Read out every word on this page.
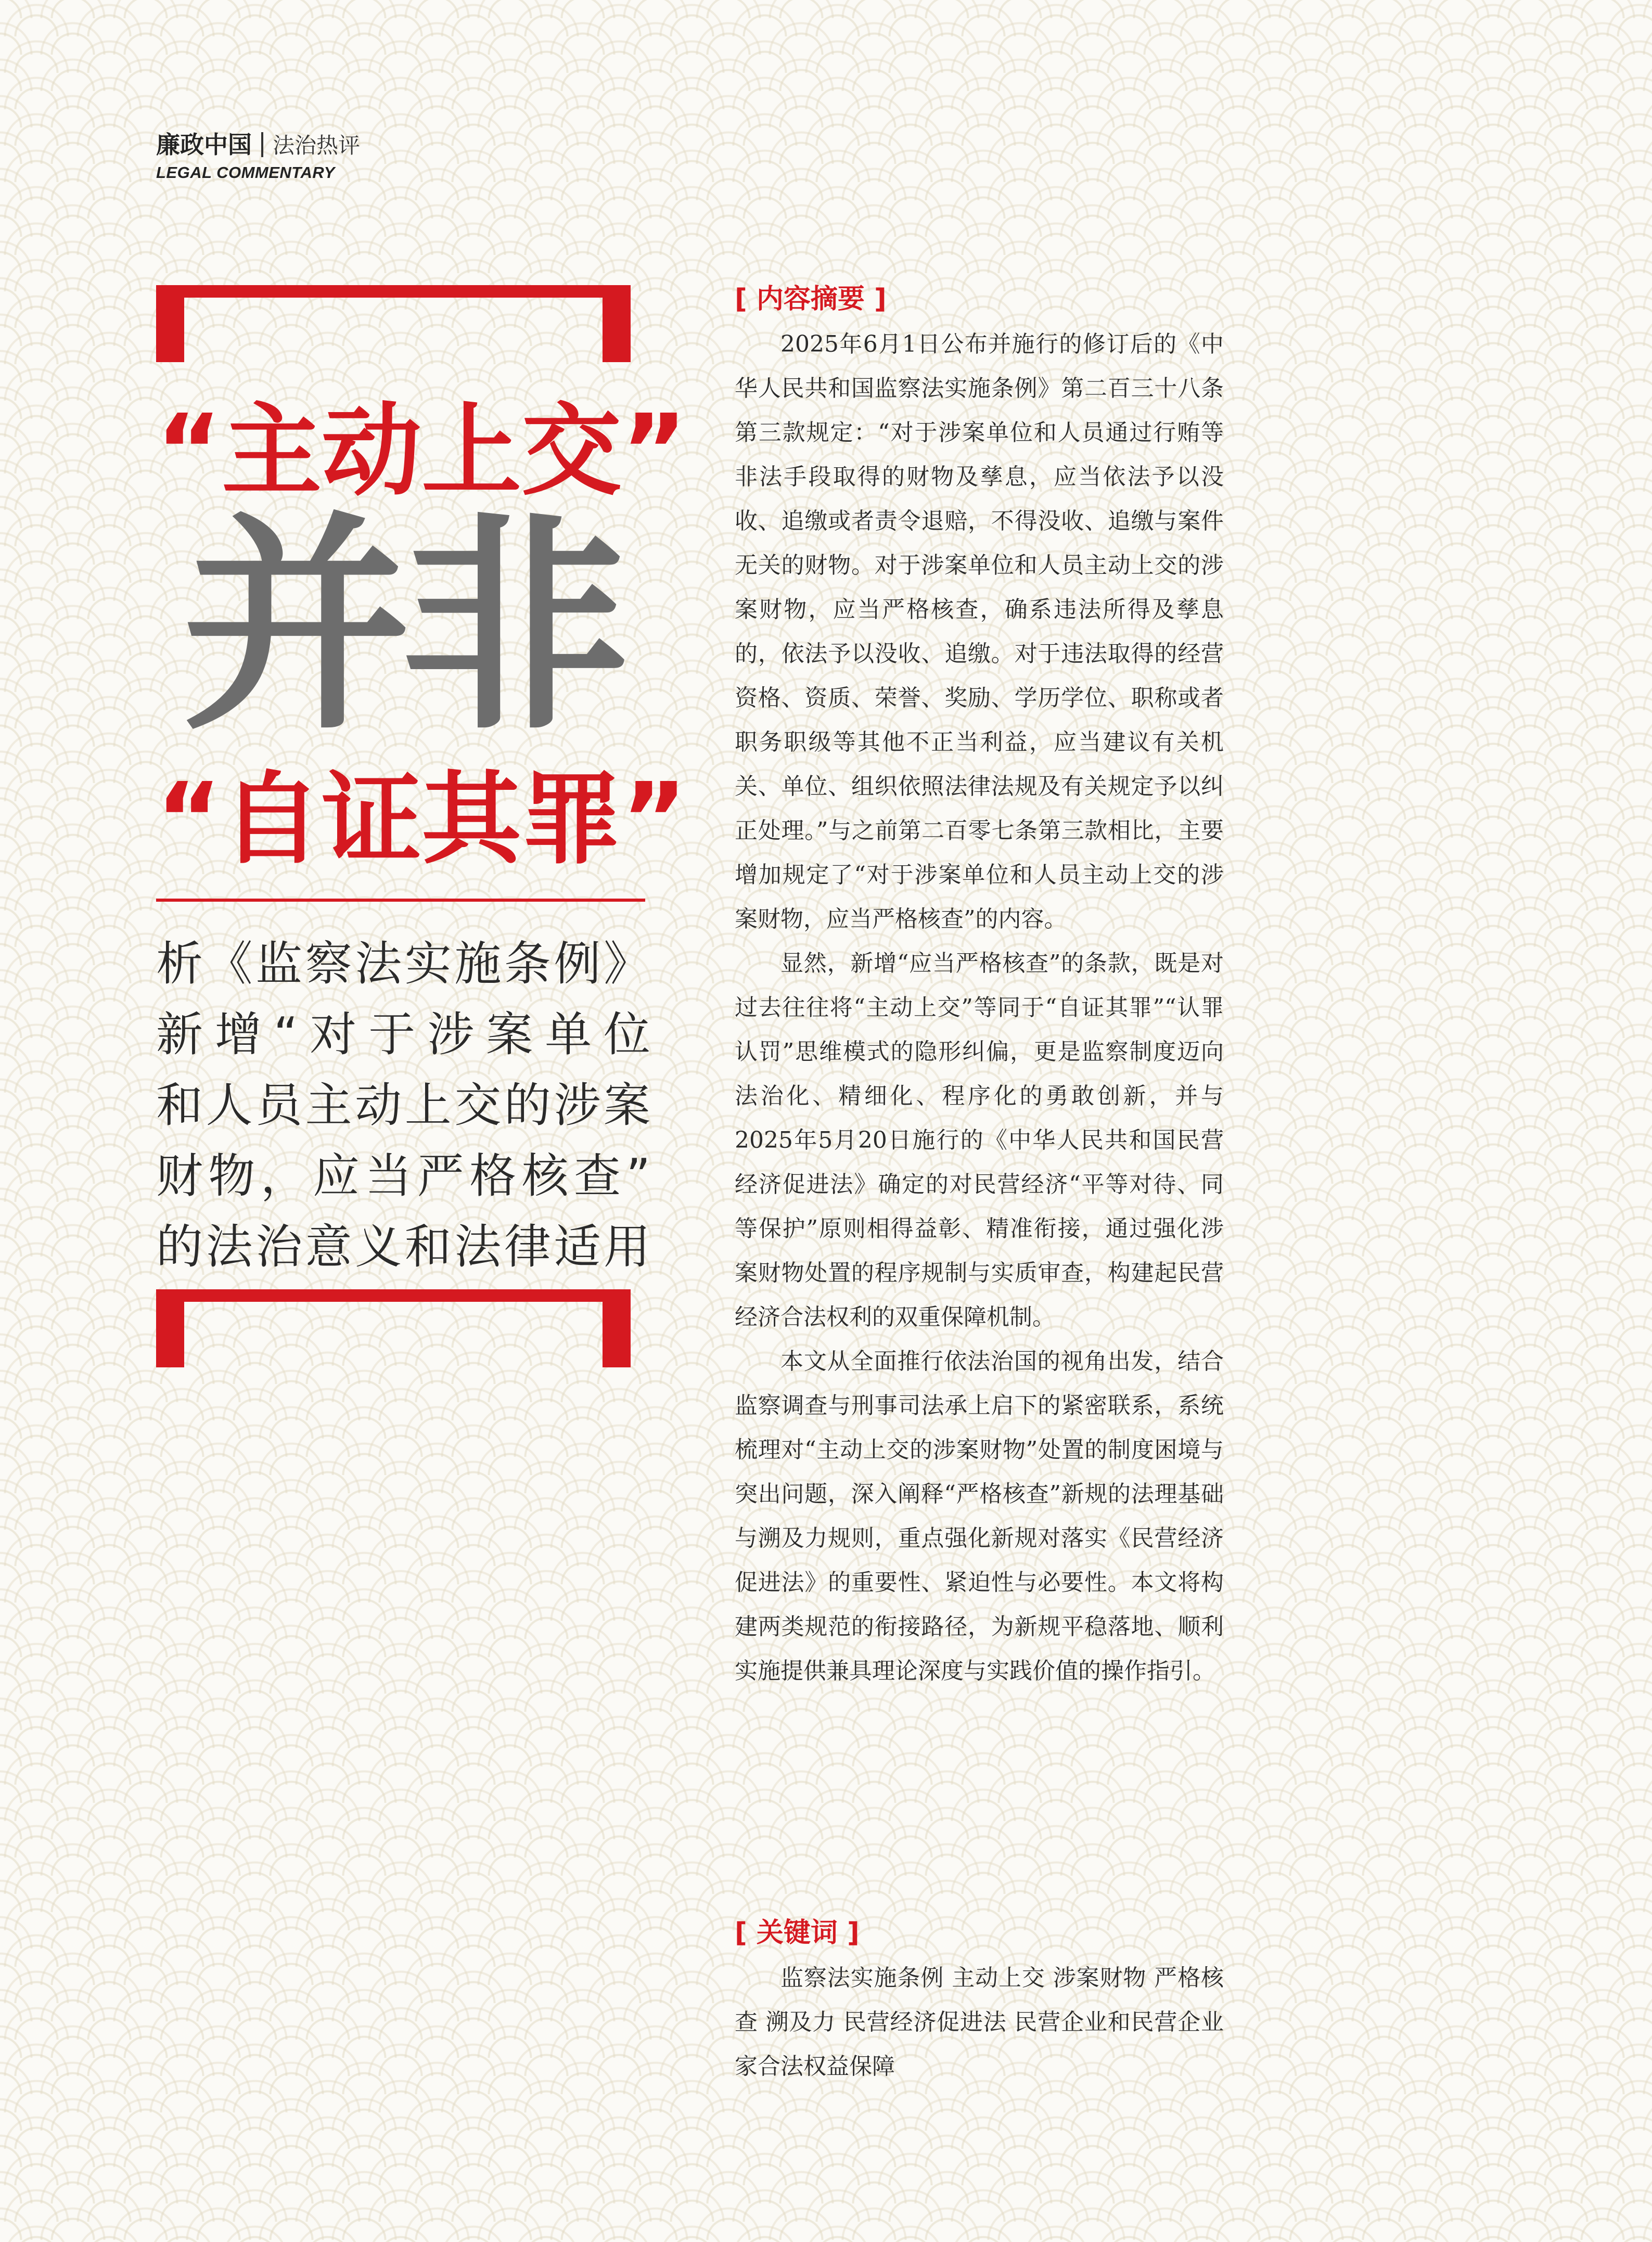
廉政中国 法治热评
LEGAL COMMENTARY
“主动上交”
并非
“自证其罪”
析《监察法实施条例》
新增“对于涉案单位
和人员主动上交的涉案
财物，应当严格核查”
的法治意义和法律适用
[ 内容摘要 ]

2025年6月1日公布并施行的修订后的《中华人民共和国监察法实施条例》第二百三十八条第三款规定：“对于涉案单位和人员通过行贿等非法手段取得的财物及孳息，应当依法予以没收、追缴或者责令退赔，不得没收、追缴与案件无关的财物。对于涉案单位和人员主动上交的涉案财物，应当严格核查，确系违法所得及孳息的，依法予以没收、追缴。对于违法取得的经营资格、资质、荣誉、奖励、学历学位、职称或者职务职级等其他不正当利益，应当建议有关机关、单位、组织依照法律法规及有关规定予以纠正处理。”与之前第二百零七条第三款相比，主要增加规定了“对于涉案单位和人员主动上交的涉案财物，应当严格核查”的内容。

显然，新增“应当严格核查”的条款，既是对过去往往将“主动上交”等同于“自证其罪”“认罪认罚”思维模式的隐形纠偏，更是监察制度迈向法治化、精细化、程序化的勇敢创新，并与2025年5月20日施行的《中华人民共和国民营经济促进法》确定的对民营经济“平等对待、同等保护”原则相得益彰、精准衔接，通过强化涉案财物处置的程序规制与实质审查，构建起民营经济合法权利的双重保障机制。

本文从全面推行依法治国的视角出发，结合监察调查与刑事司法承上启下的紧密联系，系统梳理对“主动上交的涉案财物”处置的制度困境与突出问题，深入阐释“严格核查”新规的法理基础与溯及力规则，重点强化新规对落实《民营经济促进法》的重要性、紧迫性与必要性。本文将构建两类规范的衔接路径，为新规平稳落地、顺利实施提供兼具理论深度与实践价值的操作指引。

[ 关键词 ]

监察法实施条例 主动上交 涉案财物 严格核查 溯及力 民营经济促进法 民营企业和民营企业家合法权益保障
